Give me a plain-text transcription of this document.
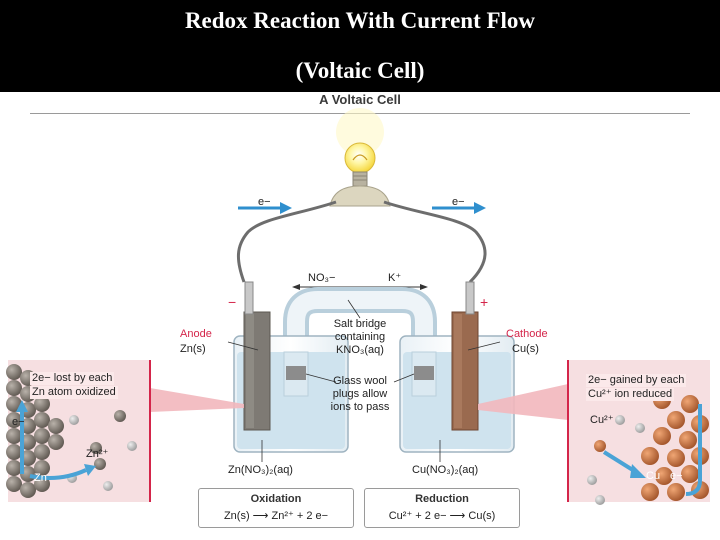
Redox Reaction With Current Flow
(Voltaic Cell)
A Voltaic Cell
e−	e−
NO₃−	K⁺
−	+
Anode
Zn(s)
Cathode
Cu(s)
Salt bridge
containing
KNO₃(aq)
Glass wool
plugs allow
ions to pass
Zn(NO₃)₂(aq)	Cu(NO₃)₂(aq)
2e− lost by each
Zn atom oxidized
e−
Zn²⁺
Zn
2e− gained by each
Cu²⁺ ion reduced
Cu²⁺
Cu e−
Oxidation
Zn(s) ⟶ Zn²⁺ + 2 e−
Reduction
Cu²⁺ + 2 e− ⟶ Cu(s)
